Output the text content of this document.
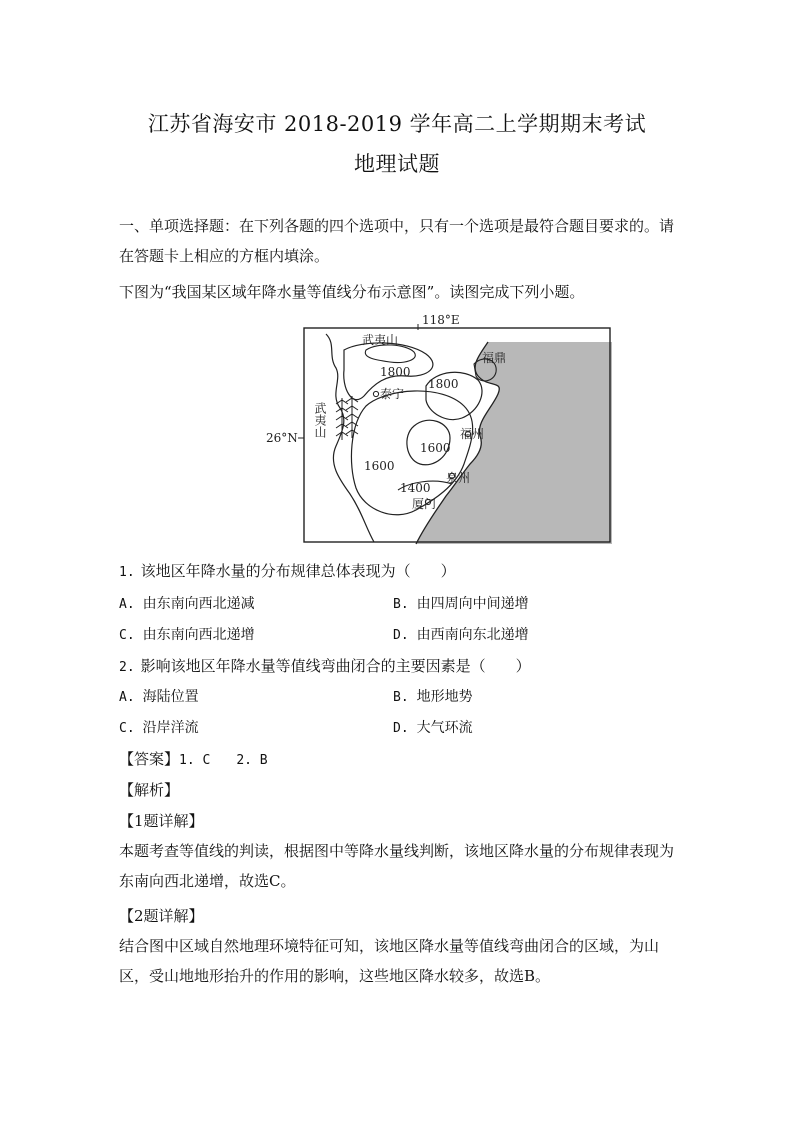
江苏省海安市 2018-2019 学年高二上学期期末考试
地理试题
一、单项选择题：在下列各题的四个选项中，只有一个选项是最符合题目要求的。请在答题卡上相应的方框内填涂。
下图为“我国某区域年降水量等值线分布示意图”。读图完成下列小题。
118°E
26°N
武夷山
武夷山
1800
1800
泰宁
福鼎
1600
1600
福州
泉州
1400
厦门
1. 该地区年降水量的分布规律总体表现为（　　）
A. 由东南向西北递减	B. 由四周向中间递增
C. 由东南向西北递增	D. 由西南向东北递增
2. 影响该地区年降水量等值线弯曲闭合的主要因素是（　　）
A. 海陆位置	B. 地形地势
C. 沿岸洋流	D. 大气环流
【答案】1. C　　2. B
【解析】
【1题详解】
本题考查等值线的判读，根据图中等降水量线判断，该地区降水量的分布规律表现为东南向西北递增，故选C。
【2题详解】
结合图中区域自然地理环境特征可知，该地区降水量等值线弯曲闭合的区域，为山区，受山地地形抬升的作用的影响，这些地区降水较多，故选B。
